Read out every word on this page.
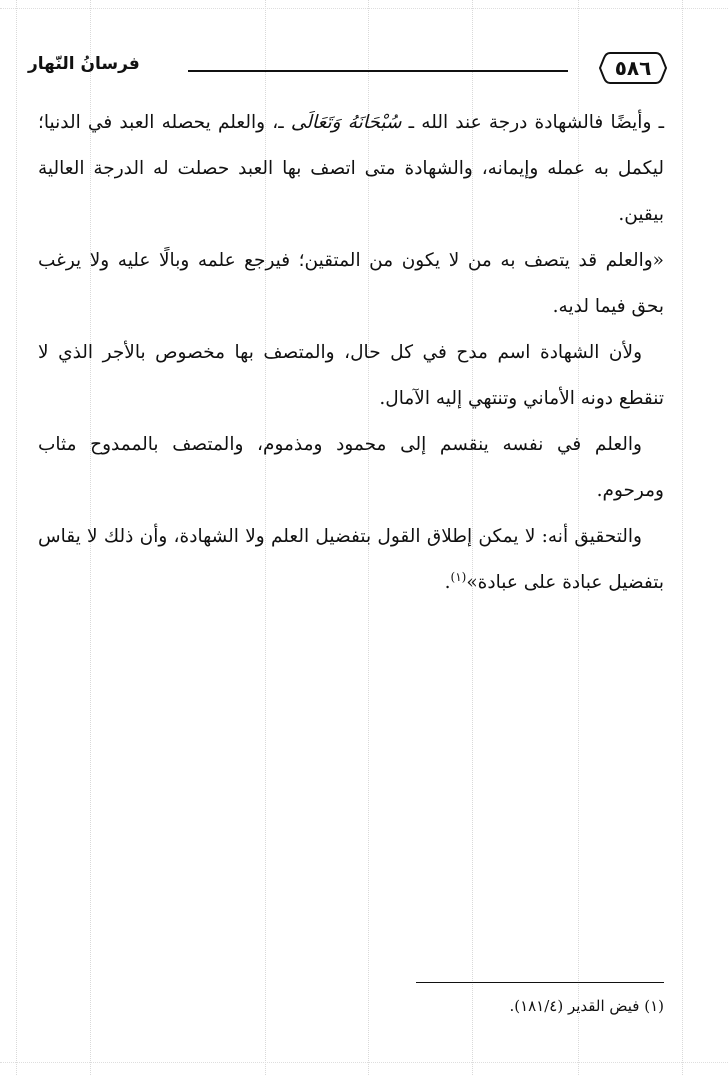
٥٨٦
فرسانُ النّهار

ـ وأيضًا فالشهادة درجة عند الله ـ سُبْحَانَهُ وَتَعَالَى ـ، والعلم يحصله العبد في الدنيا؛ ليكمل به عمله وإيمانه، والشهادة متى اتصف بها العبد حصلت له الدرجة العالية بيقين.

«والعلم قد يتصف به من لا يكون من المتقين؛ فيرجع علمه وبالًا عليه ولا يرغب بحق فيما لديه.

ولأن الشهادة اسم مدح في كل حال، والمتصف بها مخصوص بالأجر الذي لا تنقطع دونه الأماني وتنتهي إليه الآمال.

والعلم في نفسه ينقسم إلى محمود ومذموم، والمتصف بالممدوح مثاب ومرحوم.

والتحقيق أنه: لا يمكن إطلاق القول بتفضيل العلم ولا الشهادة، وأن ذلك لا يقاس بتفضيل عبادة على عبادة»$^{(١)}$.

(١) فيض القدير (١٨١/٤).
